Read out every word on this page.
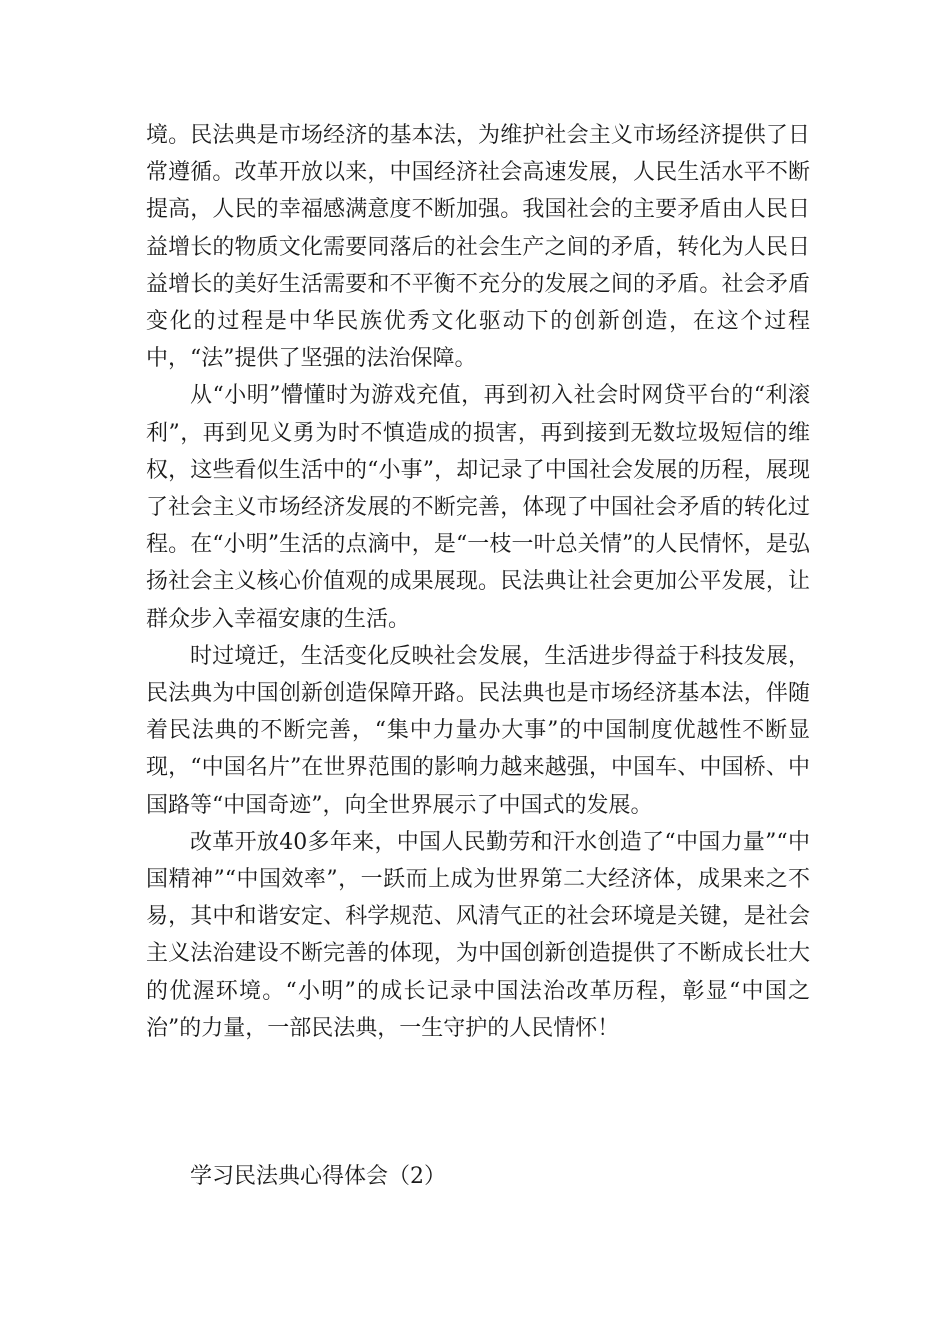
境。民法典是市场经济的基本法，为维护社会主义市场经济提供了日常遵循。改革开放以来，中国经济社会高速发展，人民生活水平不断提高，人民的幸福感满意度不断加强。我国社会的主要矛盾由人民日益增长的物质文化需要同落后的社会生产之间的矛盾，转化为人民日益增长的美好生活需要和不平衡不充分的发展之间的矛盾。社会矛盾变化的过程是中华民族优秀文化驱动下的创新创造，在这个过程中，“法”提供了坚强的法治保障。

从“小明”懵懂时为游戏充值，再到初入社会时网贷平台的“利滚利”，再到见义勇为时不慎造成的损害，再到接到无数垃圾短信的维权，这些看似生活中的“小事”，却记录了中国社会发展的历程，展现了社会主义市场经济发展的不断完善，体现了中国社会矛盾的转化过程。在“小明”生活的点滴中，是“一枝一叶总关情”的人民情怀，是弘扬社会主义核心价值观的成果展现。民法典让社会更加公平发展，让群众步入幸福安康的生活。

时过境迁，生活变化反映社会发展，生活进步得益于科技发展，民法典为中国创新创造保障开路。民法典也是市场经济基本法，伴随着民法典的不断完善，“集中力量办大事”的中国制度优越性不断显现，“中国名片”在世界范围的影响力越来越强，中国车、中国桥、中国路等“中国奇迹”，向全世界展示了中国式的发展。

改革开放40多年来，中国人民勤劳和汗水创造了“中国力量”“中国精神”“中国效率”，一跃而上成为世界第二大经济体，成果来之不易，其中和谐安定、科学规范、风清气正的社会环境是关键，是社会主义法治建设不断完善的体现，为中国创新创造提供了不断成长壮大的优渥环境。“小明”的成长记录中国法治改革历程，彰显“中国之治”的力量，一部民法典，一生守护的人民情怀！

学习民法典心得体会（2）
